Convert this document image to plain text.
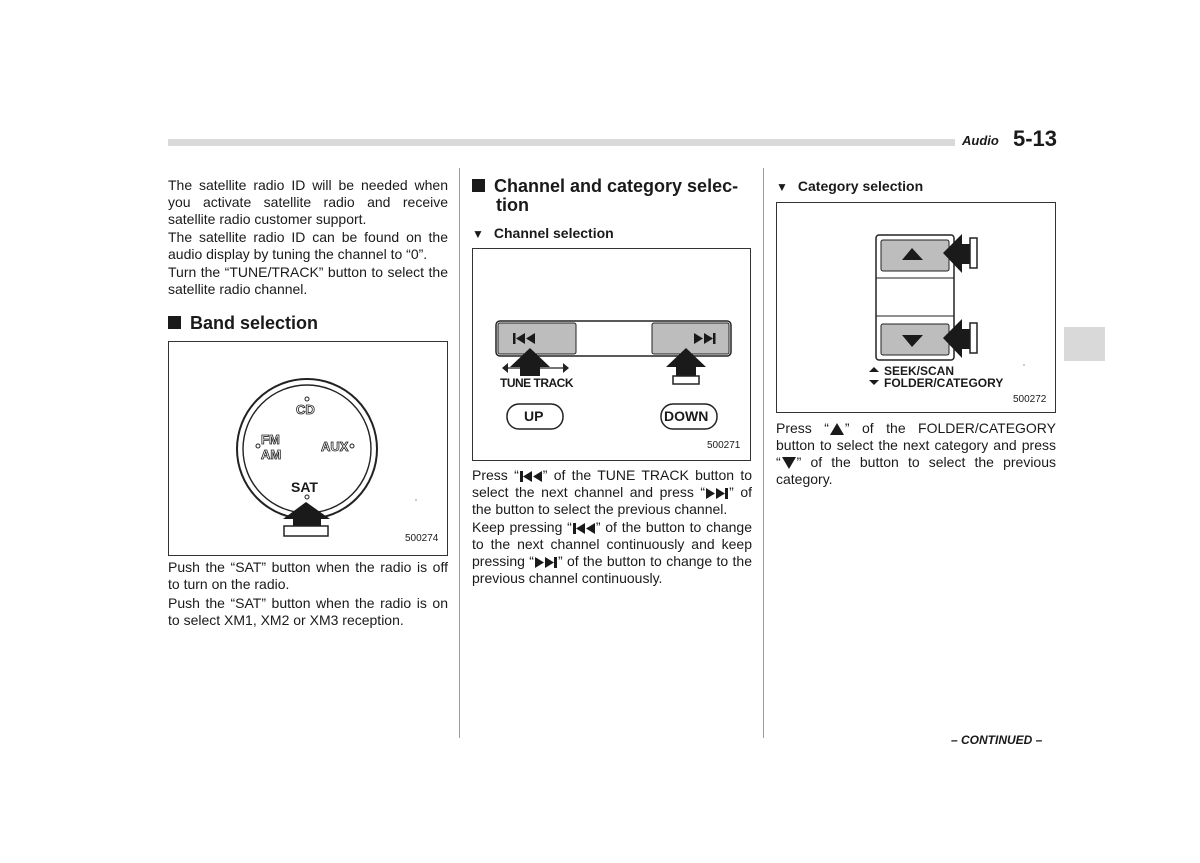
Audio 5-13

The satellite radio ID will be needed when you activate satellite radio and receive satellite radio customer support.

The satellite radio ID can be found on the audio display by tuning the channel to “0”.

Turn the “TUNE/TRACK” button to select the satellite radio channel.

Band selection
CD
FM
AM
AUX
SAT
500274

Push the “SAT” button when the radio is off to turn on the radio.

Push the “SAT” button when the radio is on to select XM1, XM2 or XM3 reception.

Channel and category selec-
tion
▼ Channel selection
TUNE TRACK
UP	DOWN
500271

Press “ ” of the TUNE TRACK button to select the next channel and press “ ” of the button to select the previous channel.

Keep pressing “ ” of the button to change to the next channel continuously and keep pressing “ ” of the button to change to the previous channel continuously.

▼ Category selection
SEEK/SCAN
FOLDER/CATEGORY
500272

Press “ ” of the FOLDER/CATEGORY button to select the next category and press “ ” of the button to select the previous category.

– CONTINUED –
